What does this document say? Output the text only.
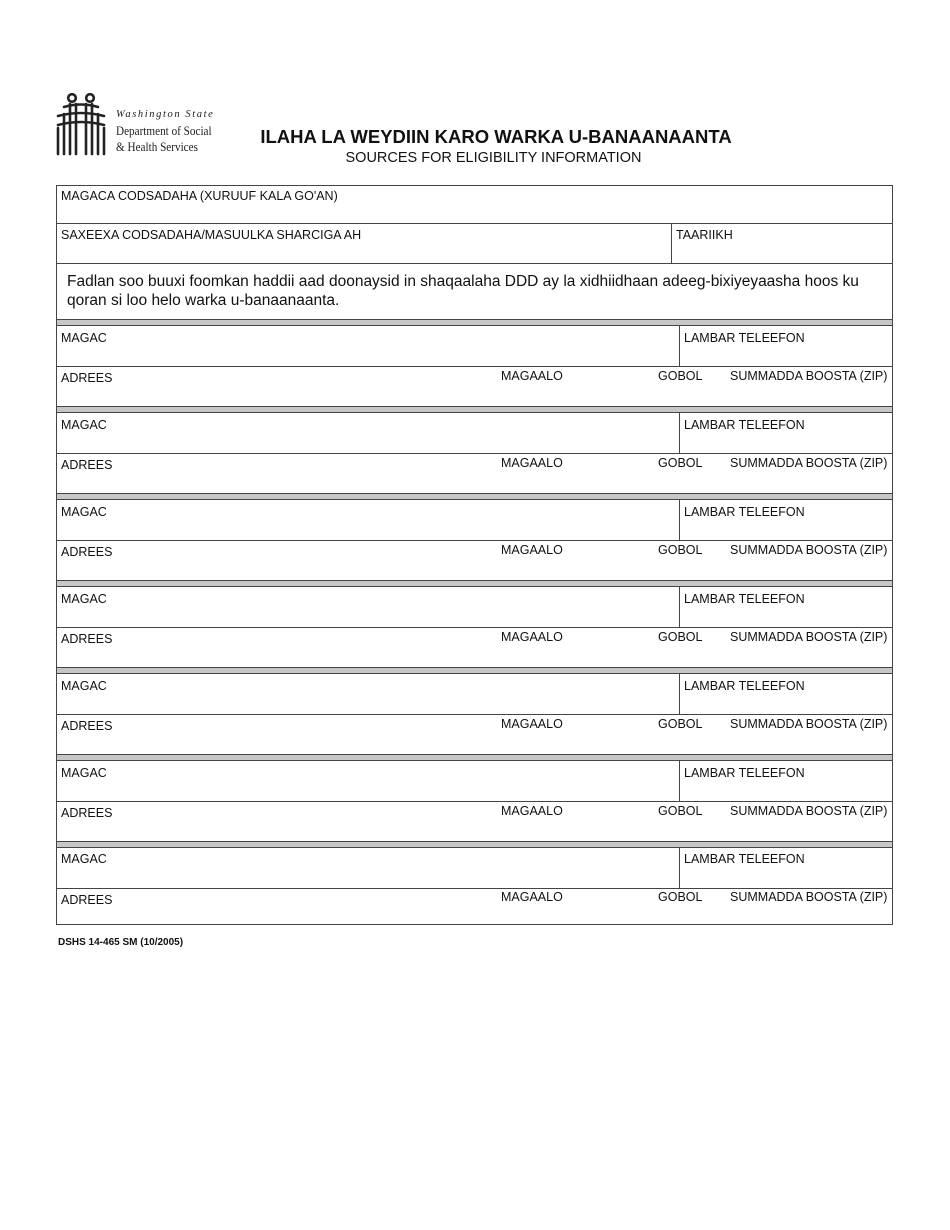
Washington State
Department of Social
& Health Services	ILAHA LA WEYDIIN KARO WARKA U-BANAANAANTA
SOURCES FOR ELIGIBILITY INFORMATION
MAGACA CODSADAHA (XURUUF KALA GO'AN)
SAXEEXA CODSADAHA/MASUULKA SHARCIGA AH	TAARIIKH
Fadlan soo buuxi foomkan haddii aad doonaysid in shaqaalaha DDD ay la xidhiidhaan adeeg-bixiyeyaasha hoos ku qoran si loo helo warka u-banaanaanta.
MAGAC	LAMBAR TELEEFON
ADREES	MAGAALO	GOBOL SUMMADDA BOOSTA (ZIP)
MAGAC	LAMBAR TELEEFON
ADREES	MAGAALO	GOBOL SUMMADDA BOOSTA (ZIP)
MAGAC	LAMBAR TELEEFON
ADREES	MAGAALO	GOBOL SUMMADDA BOOSTA (ZIP)
MAGAC	LAMBAR TELEEFON
ADREES	MAGAALO	GOBOL SUMMADDA BOOSTA (ZIP)
MAGAC	LAMBAR TELEEFON
ADREES	MAGAALO	GOBOL SUMMADDA BOOSTA (ZIP)
MAGAC	LAMBAR TELEEFON
ADREES	MAGAALO	GOBOL SUMMADDA BOOSTA (ZIP)
MAGAC	LAMBAR TELEEFON
ADREES	MAGAALO	GOBOL SUMMADDA BOOSTA (ZIP)
DSHS 14-465 SM (10/2005)
